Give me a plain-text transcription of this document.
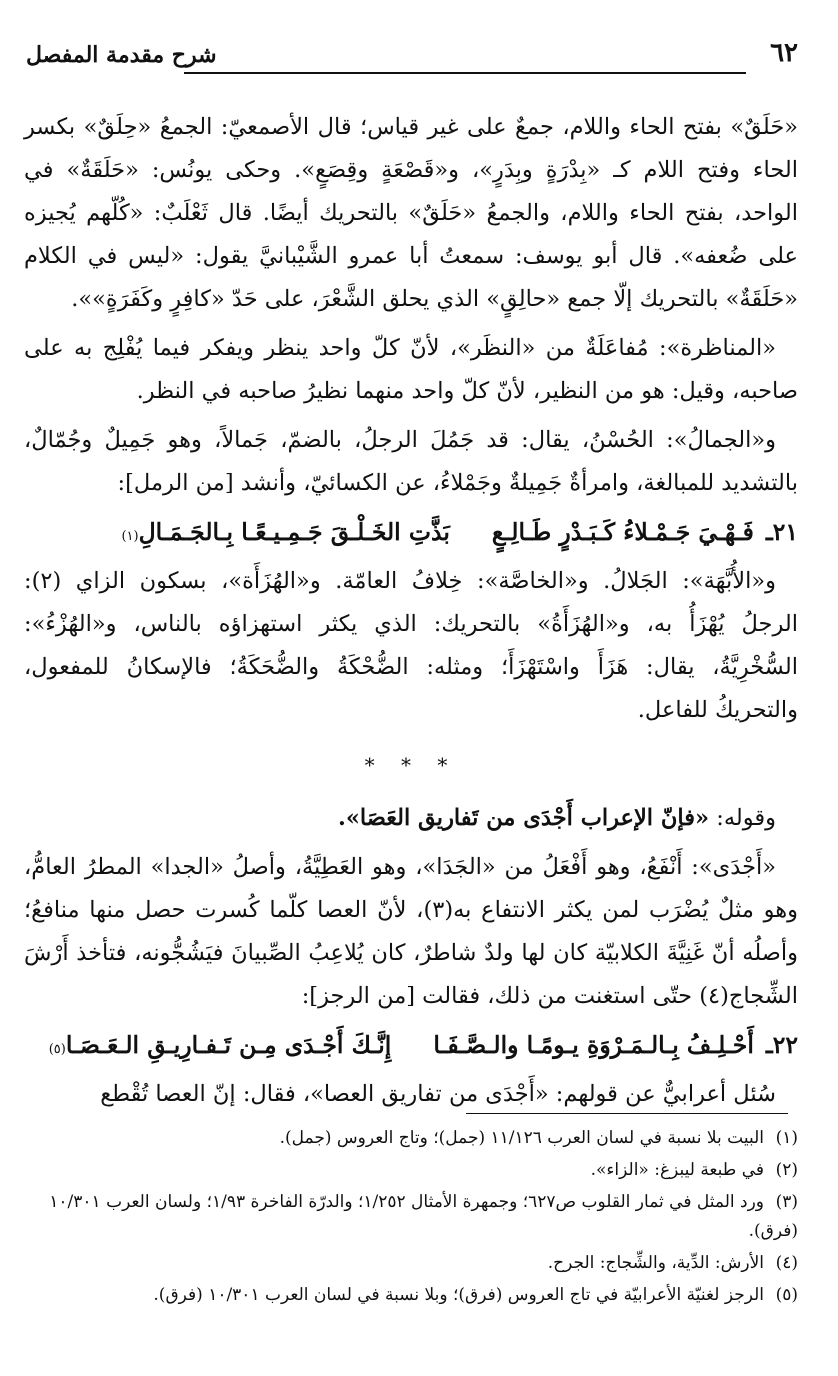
٦٢
شرح مقدمة المفصل

«حَلَقٌ» بفتح الحاء واللام، جمعٌ على غير قياس؛ قال الأصمعيّ: الجمعُ «حِلَقٌ» بكسر الحاء وفتح اللام كـ «بِدْرَةٍ وبِدَرٍ»، و«قَصْعَةٍ وقِصَعٍ». وحكى يونُس: «حَلَقَةٌ» في الواحد، بفتح الحاء واللام، والجمعُ «حَلَقٌ» بالتحريك أيضًا. قال ثَعْلَبٌ: «كُلّهم يُجيزه على ضُعفه». قال أبو يوسف: سمعتُ أبا عمرو الشَّيْبانيَّ يقول: «ليس في الكلام «حَلَقَةٌ» بالتحريك إلّا جمع «حالِقٍ» الذي يحلق الشَّعْرَ، على حَدّ «كافِرٍ وكَفَرَةٍ»».

«المناظرة»: مُفاعَلَةٌ من «النظَر»، لأنّ كلّ واحد ينظر ويفكر فيما يُفْلِج به على صاحبه، وقيل: هو من النظير، لأنّ كلّ واحد منهما نظيرُ صاحبه في النظر.

و«الجمالُ»: الحُسْنُ، يقال: قد جَمُلَ الرجلُ، بالضمّ، جَمالاً، وهو جَمِيلٌ وجُمّالٌ، بالتشديد للمبالغة، وامرأةٌ جَمِيلةٌ وجَمْلاءُ، عن الكسائيّ، وأنشد [من الرمل]:

٢١ـ
فَـهْـيَ جَـمْـلاءُ كَـبَـدْرٍ طَـالِـعٍ
بَذَّتِ الخَـلْـقَ جَـمِـيـعًـا بِـالجَـمَـالِ
(١)

و«الأُبَّهَة»: الجَلالُ. و«الخاصَّة»: خِلافُ العامّة. و«الهُزَأَة»، بسكون الزاي (٢): الرجلُ يُهْزَأُ به، و«الهُزَأَةُ» بالتحريك: الذي يكثر استهزاؤه بالناس، و«الهُزْءُ»: السُّخْرِيَّةُ، يقال: هَزَأَ واسْتَهْزَأَ؛ ومثله: الضُّحْكَةُ والضُّحَكَةُ؛ فالإسكانُ للمفعول، والتحريكُ للفاعل.

* * *

وقوله: «فإنّ الإعراب أَجْدَى من تَفاريق العَصَا».

«أَجْدَى»: أَنْفَعُ، وهو أَفْعَلُ من «الجَدَا»، وهو العَطِيَّةُ، وأصلُ «الجدا» المطرُ العامُّ، وهو مثلٌ يُضْرَب لمن يكثر الانتفاع به(٣)، لأنّ العصا كلّما كُسرت حصل منها منافعُ؛ وأصلُه أنّ غَنِيَّةَ الكلابيّة كان لها ولدٌ شاطرٌ، كان يُلاعِبُ الصِّبيانَ فيَشُجُّونه، فتأخذ أَرْشَ الشِّجاج(٤) حتّى استغنت من ذلك، فقالت [من الرجز]:

٢٢ـ
أَحْـلِـفُ بِـالـمَـرْوَةِ يـومًـا والـصَّـفَـا
إِنَّـكَ أَجْـدَى مِـن تَـفـارِيـقِ الـعَـصَـا
(٥)

سُئل أعرابيٌّ عن قولهم: «أَجْدَى من تفاريق العصا»، فقال: إنّ العصا تُقْطع

(١)البيت بلا نسبة في لسان العرب ١١/١٢٦ (جمل)؛ وتاج العروس (جمل).
(٢)في طبعة ليبزغ: «الزاء».
(٣)ورد المثل في ثمار القلوب ص٦٢٧؛ وجمهرة الأمثال ١/٢٥٢؛ والدرّة الفاخرة ١/٩٣؛ ولسان العرب ١٠/٣٠١ (فرق).
(٤)الأرش: الدِّية، والشِّجاج: الجرح.
(٥)الرجز لغنيّة الأعرابيّة في تاج العروس (فرق)؛ وبلا نسبة في لسان العرب ١٠/٣٠١ (فرق).
